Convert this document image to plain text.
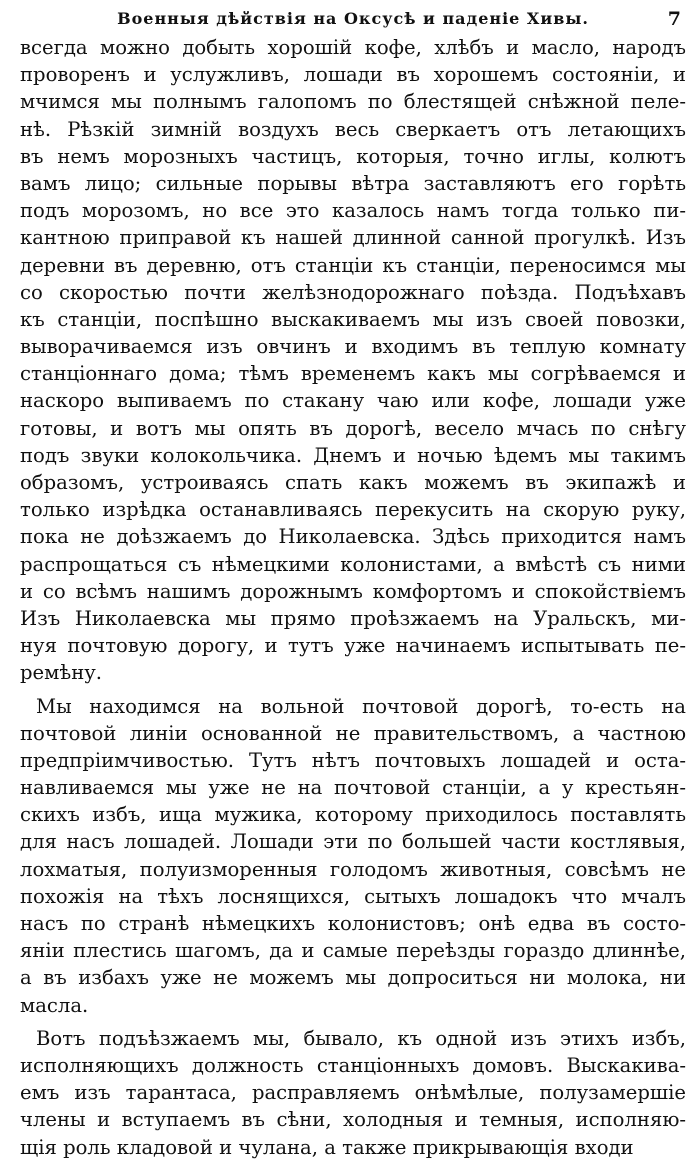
Военныя дѣйствія на Оксусѣ и паденіе Хивы.	7
всегда можно добыть хорошій кофе, хлѣбъ и масло, народъ
проворенъ и услужливъ, лошади въ хорошемъ состояніи, и
мчимся мы полнымъ галопомъ по блестящей снѣжной пеле-
нѣ. Рѣзкій зимній воздухъ весь сверкаетъ отъ летающихъ
въ немъ морозныхъ частицъ, которыя, точно иглы, колютъ
вамъ лицо; сильные порывы вѣтра заставляютъ его горѣть
подъ морозомъ, но все это казалось намъ тогда только пи-
кантною приправой къ нашей длинной санной прогулкѣ. Изъ
деревни въ деревню, отъ станціи къ станціи, переносимся мы
со скоростью почти желѣзнодорожнаго поѣзда. Подъѣхавъ
къ станціи, поспѣшно выскакиваемъ мы изъ своей повозки,
выворачиваемся изъ овчинъ и входимъ въ теплую комнату
станціоннаго дома; тѣмъ временемъ какъ мы согрѣваемся и
наскоро выпиваемъ по стакану чаю или кофе, лошади уже
готовы, и вотъ мы опять въ дорогѣ, весело мчась по снѣгу
подъ звуки колокольчика. Днемъ и ночью ѣдемъ мы такимъ
образомъ, устроиваясь спать какъ можемъ въ экипажѣ и
только изрѣдка останавливаясь перекусить на скорую руку,
пока не доѣзжаемъ до Николаевска. Здѣсь приходится намъ
распрощаться съ нѣмецкими колонистами, а вмѣстѣ съ ними
и со всѣмъ нашимъ дорожнымъ комфортомъ и спокойствіемъ
Изъ Николаевска мы прямо проѣзжаемъ на Уральскъ, ми-
нуя почтовую дорогу, и тутъ уже начинаемъ испытывать пе-
ремѣну.
Мы находимся на вольной почтовой дорогѣ, то-есть на
почтовой линіи основанной не правительствомъ, а частною
предпріимчивостью. Тутъ нѣтъ почтовыхъ лошадей и оста-
навливаемся мы уже не на почтовой станціи, а у крестьян-
скихъ избъ, ища мужика, которому приходилось поставлять
для насъ лошадей. Лошади эти по большей части костлявыя,
лохматыя, полуизморенныя голодомъ животныя, совсѣмъ не
похожія на тѣхъ лоснящихся, сытыхъ лошадокъ что мчалъ
насъ по странѣ нѣмецкихъ колонистовъ; онѣ едва въ состо-
яніи плестись шагомъ, да и самые переѣзды гораздо длиннѣе,
а въ избахъ уже не можемъ мы допроситься ни молока, ни
масла.
Вотъ подъѣзжаемъ мы, бывало, къ одной изъ этихъ избъ,
исполняющихъ должность станціонныхъ домовъ. Выскакива-
емъ изъ тарантаса, расправляемъ онѣмѣлые, полузамершіе
члены и вступаемъ въ сѣни, холодныя и темныя, исполняю-
щія роль кладовой и чулана, а также прикрывающія входи
